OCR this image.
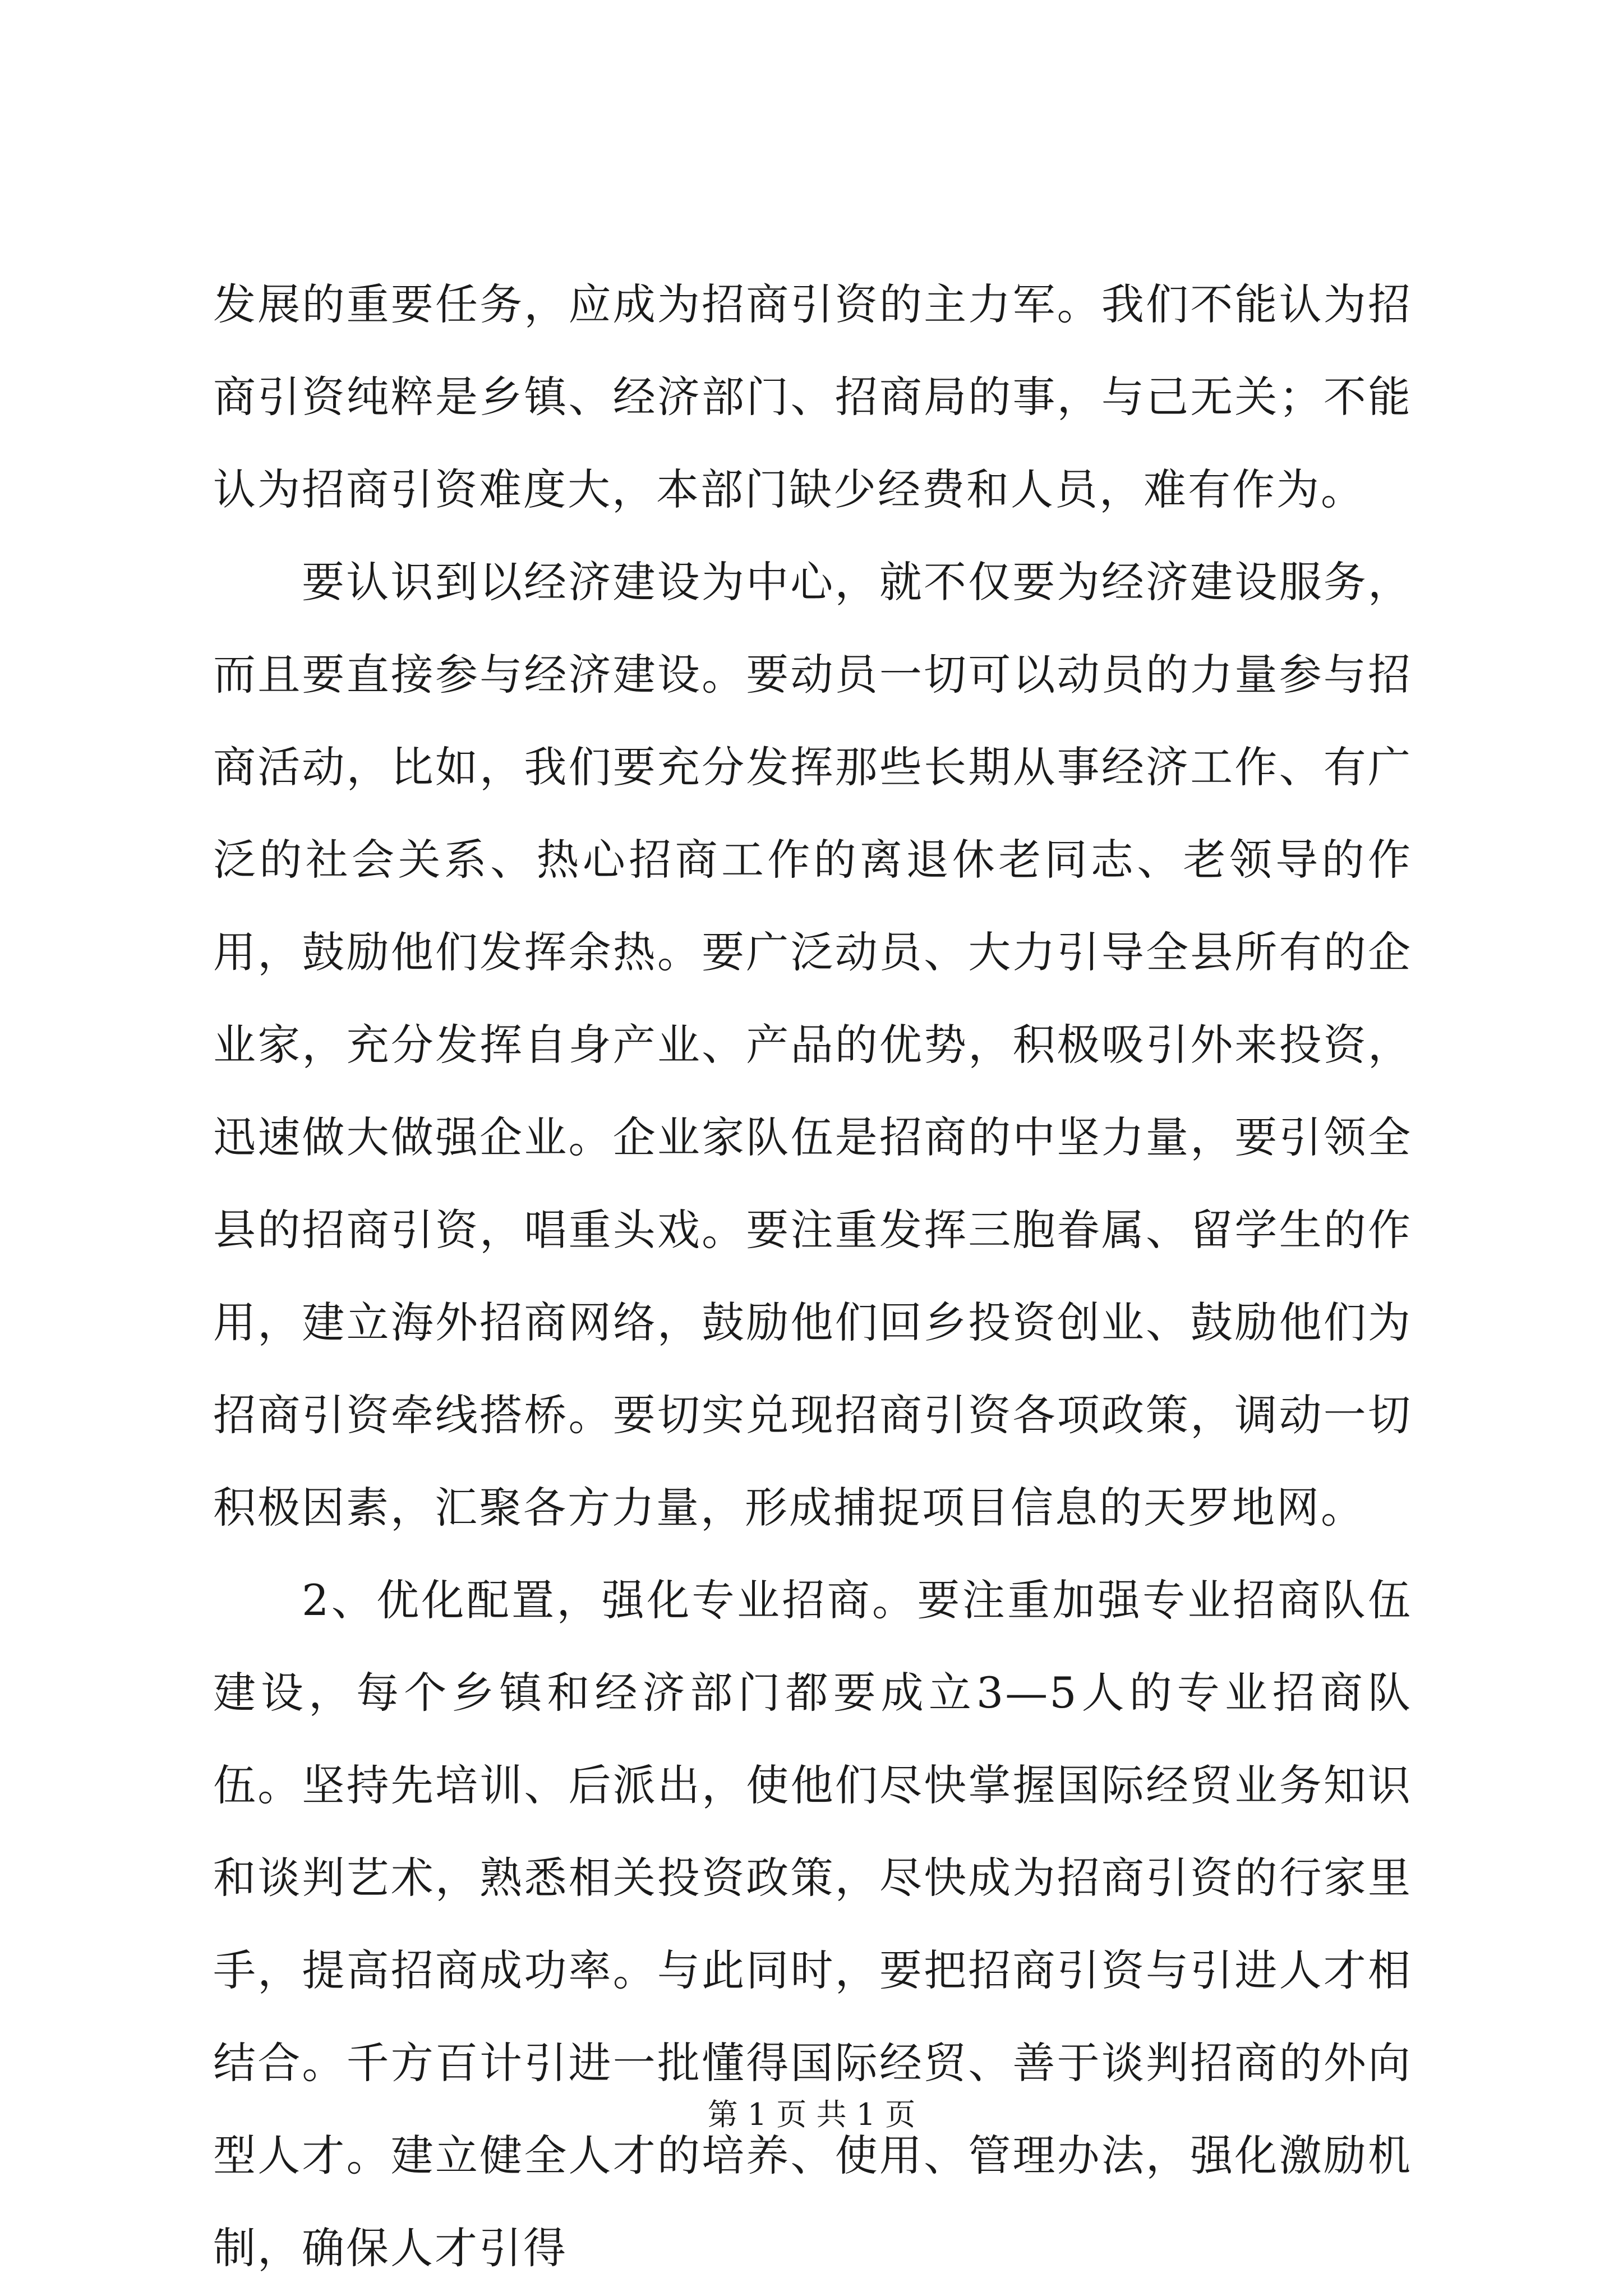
发展的重要任务，应成为招商引资的主力军。我们不能认为招商引资纯粹是乡镇、经济部门、招商局的事，与己无关；不能认为招商引资难度大，本部门缺少经费和人员，难有作为。

要认识到以经济建设为中心，就不仅要为经济建设服务，而且要直接参与经济建设。要动员一切可以动员的力量参与招商活动，比如，我们要充分发挥那些长期从事经济工作、有广泛的社会关系、热心招商工作的离退休老同志、老领导的作用，鼓励他们发挥余热。要广泛动员、大力引导全县所有的企业家，充分发挥自身产业、产品的优势，积极吸引外来投资，迅速做大做强企业。企业家队伍是招商的中坚力量，要引领全县的招商引资，唱重头戏。要注重发挥三胞眷属、留学生的作用，建立海外招商网络，鼓励他们回乡投资创业、鼓励他们为招商引资牵线搭桥。要切实兑现招商引资各项政策，调动一切积极因素，汇聚各方力量，形成捕捉项目信息的天罗地网。

2、优化配置，强化专业招商。要注重加强专业招商队伍建设，每个乡镇和经济部门都要成立3—5人的专业招商队伍。坚持先培训、后派出，使他们尽快掌握国际经贸业务知识和谈判艺术，熟悉相关投资政策，尽快成为招商引资的行家里手，提高招商成功率。与此同时，要把招商引资与引进人才相结合。千方百计引进一批懂得国际经贸、善于谈判招商的外向型人才。建立健全人才的培养、使用、管理办法，强化激励机制，确保人才引得

第 1 页 共 1 页
